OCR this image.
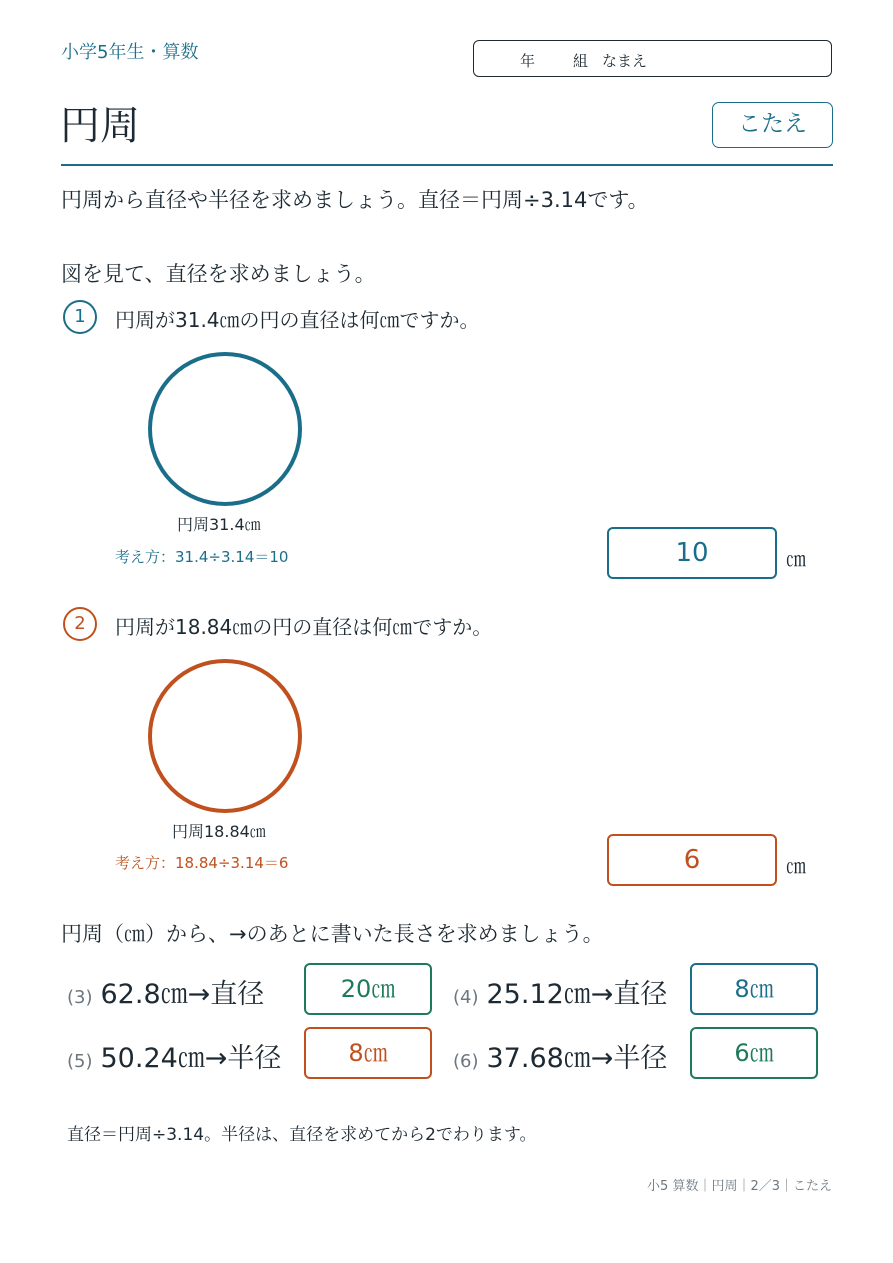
小学5年生・算数	年	組 なまえ
円周	こたえ
円周から直径や半径を求めましょう。直径＝円周÷3.14です。
図を見て、直径を求めましょう。
1	円周が31.4㎝の円の直径は何㎝ですか。
円周31.4㎝
考え方：31.4÷3.14＝10	10	㎝
2	円周が18.84㎝の円の直径は何㎝ですか。
円周18.84㎝
考え方：18.84÷3.14＝6	6	㎝
円周（㎝）から、→のあとに書いた長さを求めましょう。
(3) 62.8㎝→直径	20㎝	(4) 25.12㎝→直径	8㎝
(5) 50.24㎝→半径	8㎝	(6) 37.68㎝→半径	6㎝
直径＝円周÷3.14。半径は、直径を求めてから2でわります。
小5 算数｜円周｜2／3｜こたえ
